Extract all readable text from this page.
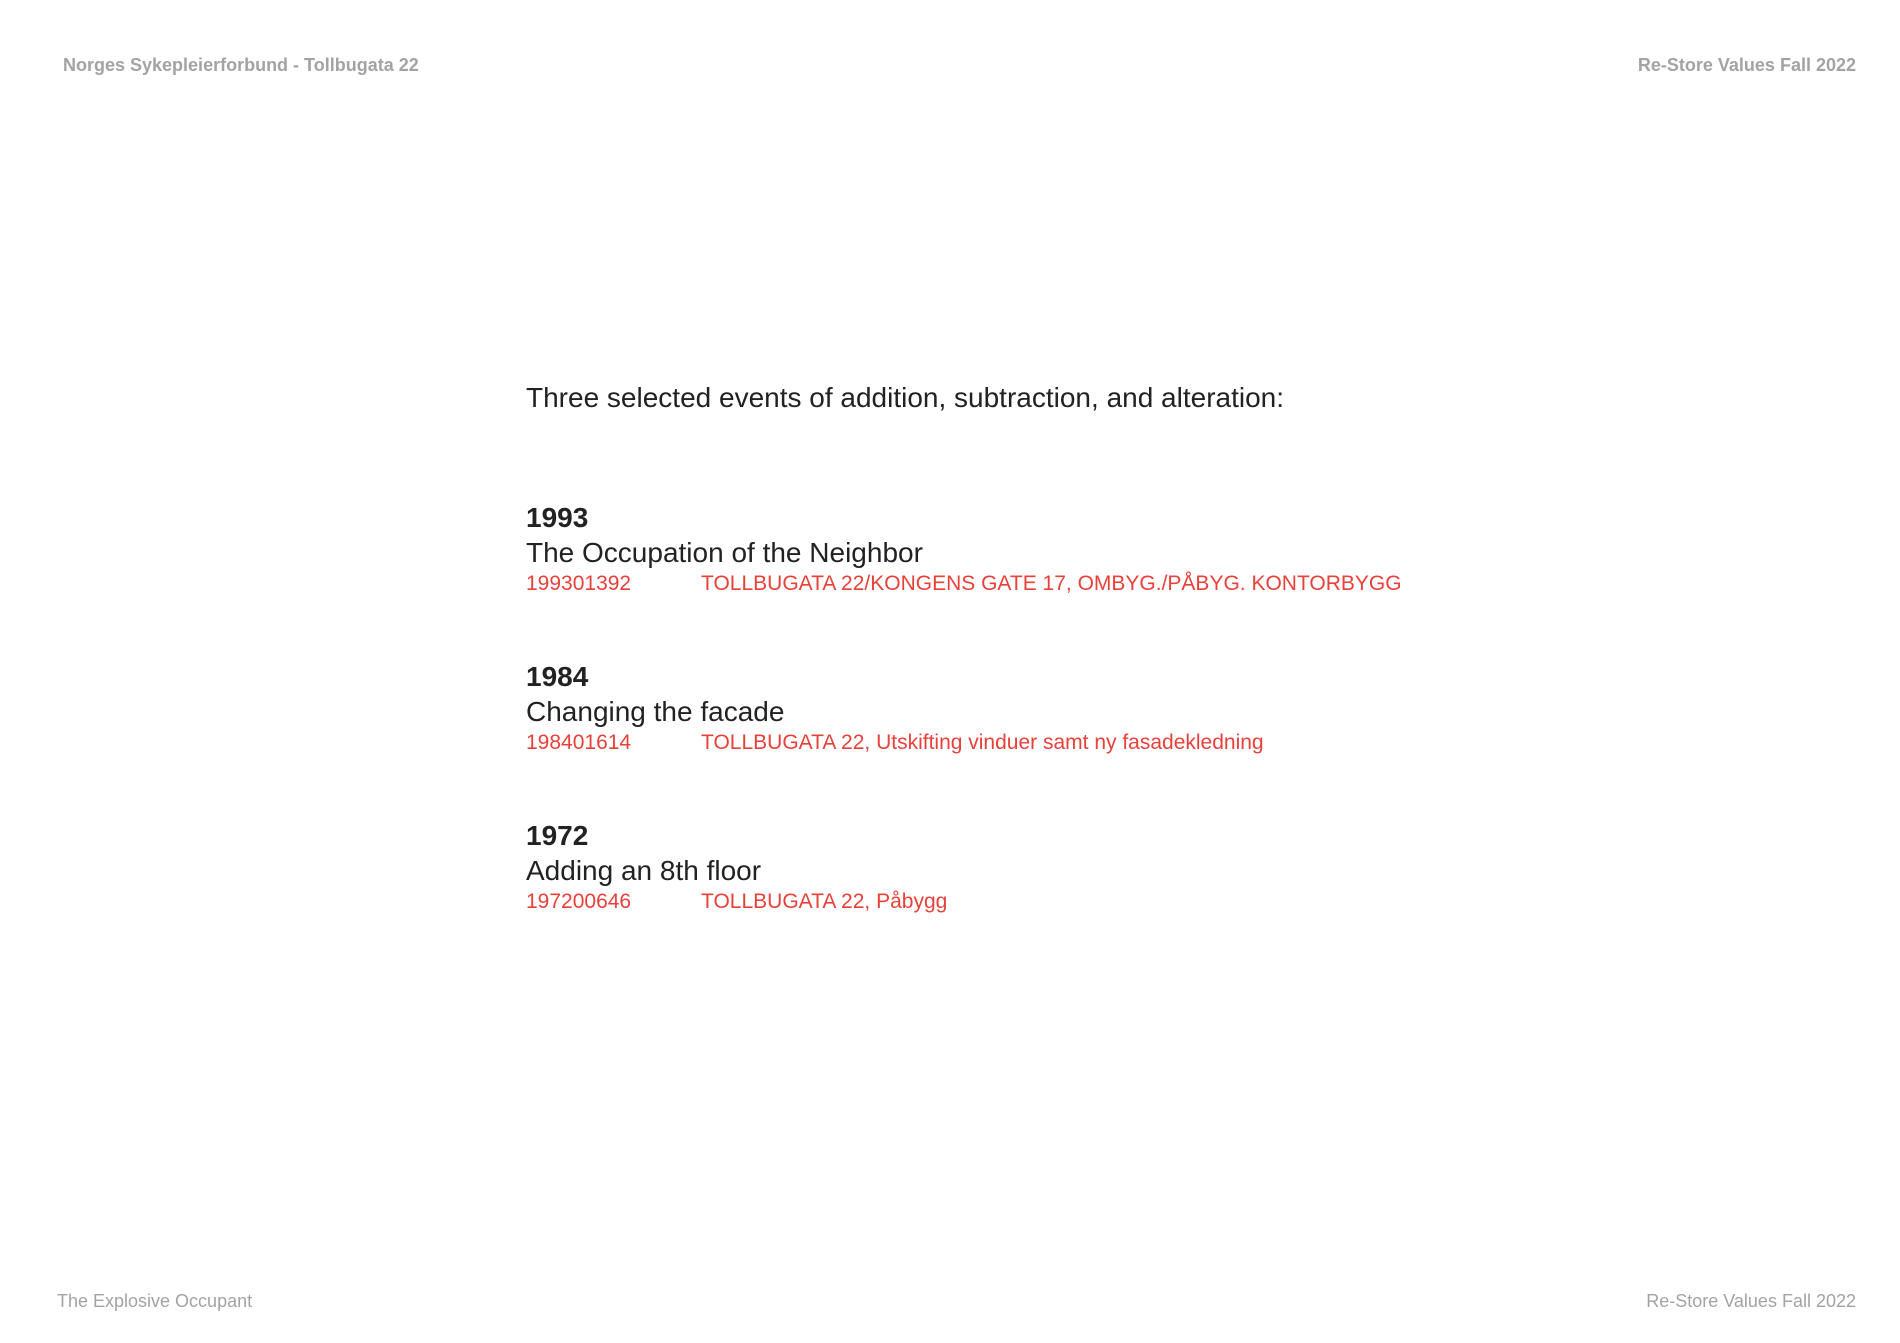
Norges Sykepleierforbund - Tollbugata 22	Re-Store Values Fall 2022

Three selected events of addition, subtraction, and alteration:

1993
The Occupation of the Neighbor
199301392	TOLLBUGATA 22/KONGENS GATE 17, OMBYG./PÅBYG. KONTORBYGG
1984
Changing the facade
198401614	TOLLBUGATA 22, Utskifting vinduer samt ny fasadekledning
1972
Adding an 8th floor
197200646	TOLLBUGATA 22, Påbygg
The Explosive Occupant	Re-Store Values Fall 2022
